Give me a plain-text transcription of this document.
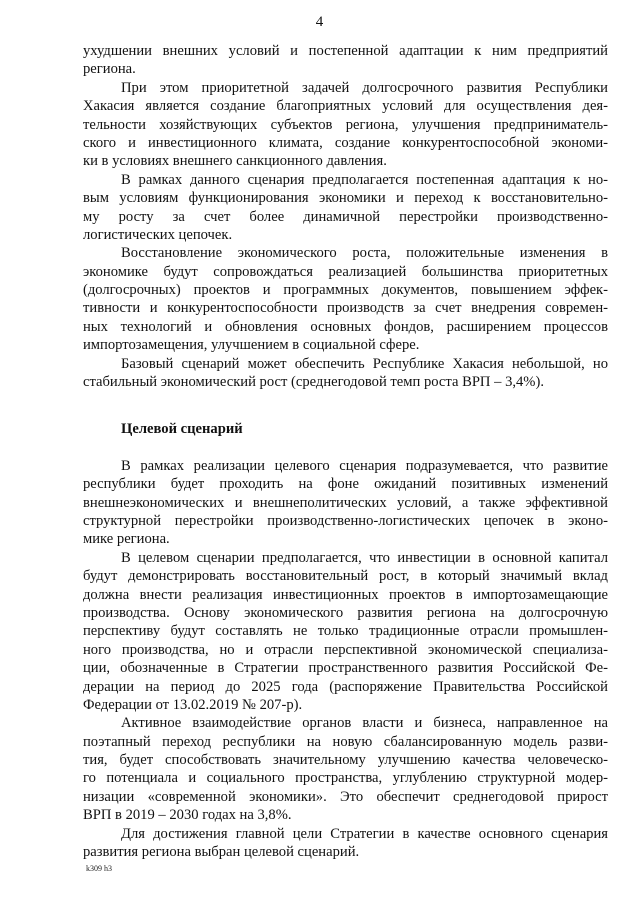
4
ухудшении внешних условий и постепенной адаптации к ним предприятий
региона.
При этом приоритетной задачей долгосрочного развития Республики
Хакасия является создание благоприятных условий для осуществления дея-
тельности хозяйствующих субъектов региона, улучшения предприниматель-
ского и инвестиционного климата, создание конкурентоспособной экономи-
ки в условиях внешнего санкционного давления.
В рамках данного сценария предполагается постепенная адаптация к но-
вым условиям функционирования экономики и переход к восстановительно-
му росту за счет более динамичной перестройки производственно-
логистических цепочек.
Восстановление экономического роста, положительные изменения в
экономике будут сопровождаться реализацией большинства приоритетных
(долгосрочных) проектов и программных документов, повышением эффек-
тивности и конкурентоспособности производств за счет внедрения современ-
ных технологий и обновления основных фондов, расширением процессов
импортозамещения, улучшением в социальной сфере.
Базовый сценарий может обеспечить Республике Хакасия небольшой, но
стабильный экономический рост (среднегодовой темп роста ВРП – 3,4%).
Целевой сценарий
В рамках реализации целевого сценария подразумевается, что развитие
республики будет проходить на фоне ожиданий позитивных изменений
внешнеэкономических и внешнеполитических условий, а также эффективной
структурной перестройки производственно-логистических цепочек в эконо-
мике региона.
В целевом сценарии предполагается, что инвестиции в основной капитал
будут демонстрировать восстановительный рост, в который значимый вклад
должна внести реализация инвестиционных проектов в импортозамещающие
производства. Основу экономического развития региона на долгосрочную
перспективу будут составлять не только традиционные отрасли промышлен-
ного производства, но и отрасли перспективной экономической специализа-
ции, обозначенные в Стратегии пространственного развития Российской Фе-
дерации на период до 2025 года (распоряжение Правительства Российской
Федерации от 13.02.2019 № 207-р).
Активное взаимодействие органов власти и бизнеса, направленное на
поэтапный переход республики на новую сбалансированную модель разви-
тия, будет способствовать значительному улучшению качества человеческо-
го потенциала и социального пространства, углублению структурной модер-
низации «современной экономики». Это обеспечит среднегодовой прирост
ВРП в 2019 – 2030 годах на 3,8%.
Для достижения главной цели Стратегии в качестве основного сценария
развития региона выбран целевой сценарий.
k309 h3
